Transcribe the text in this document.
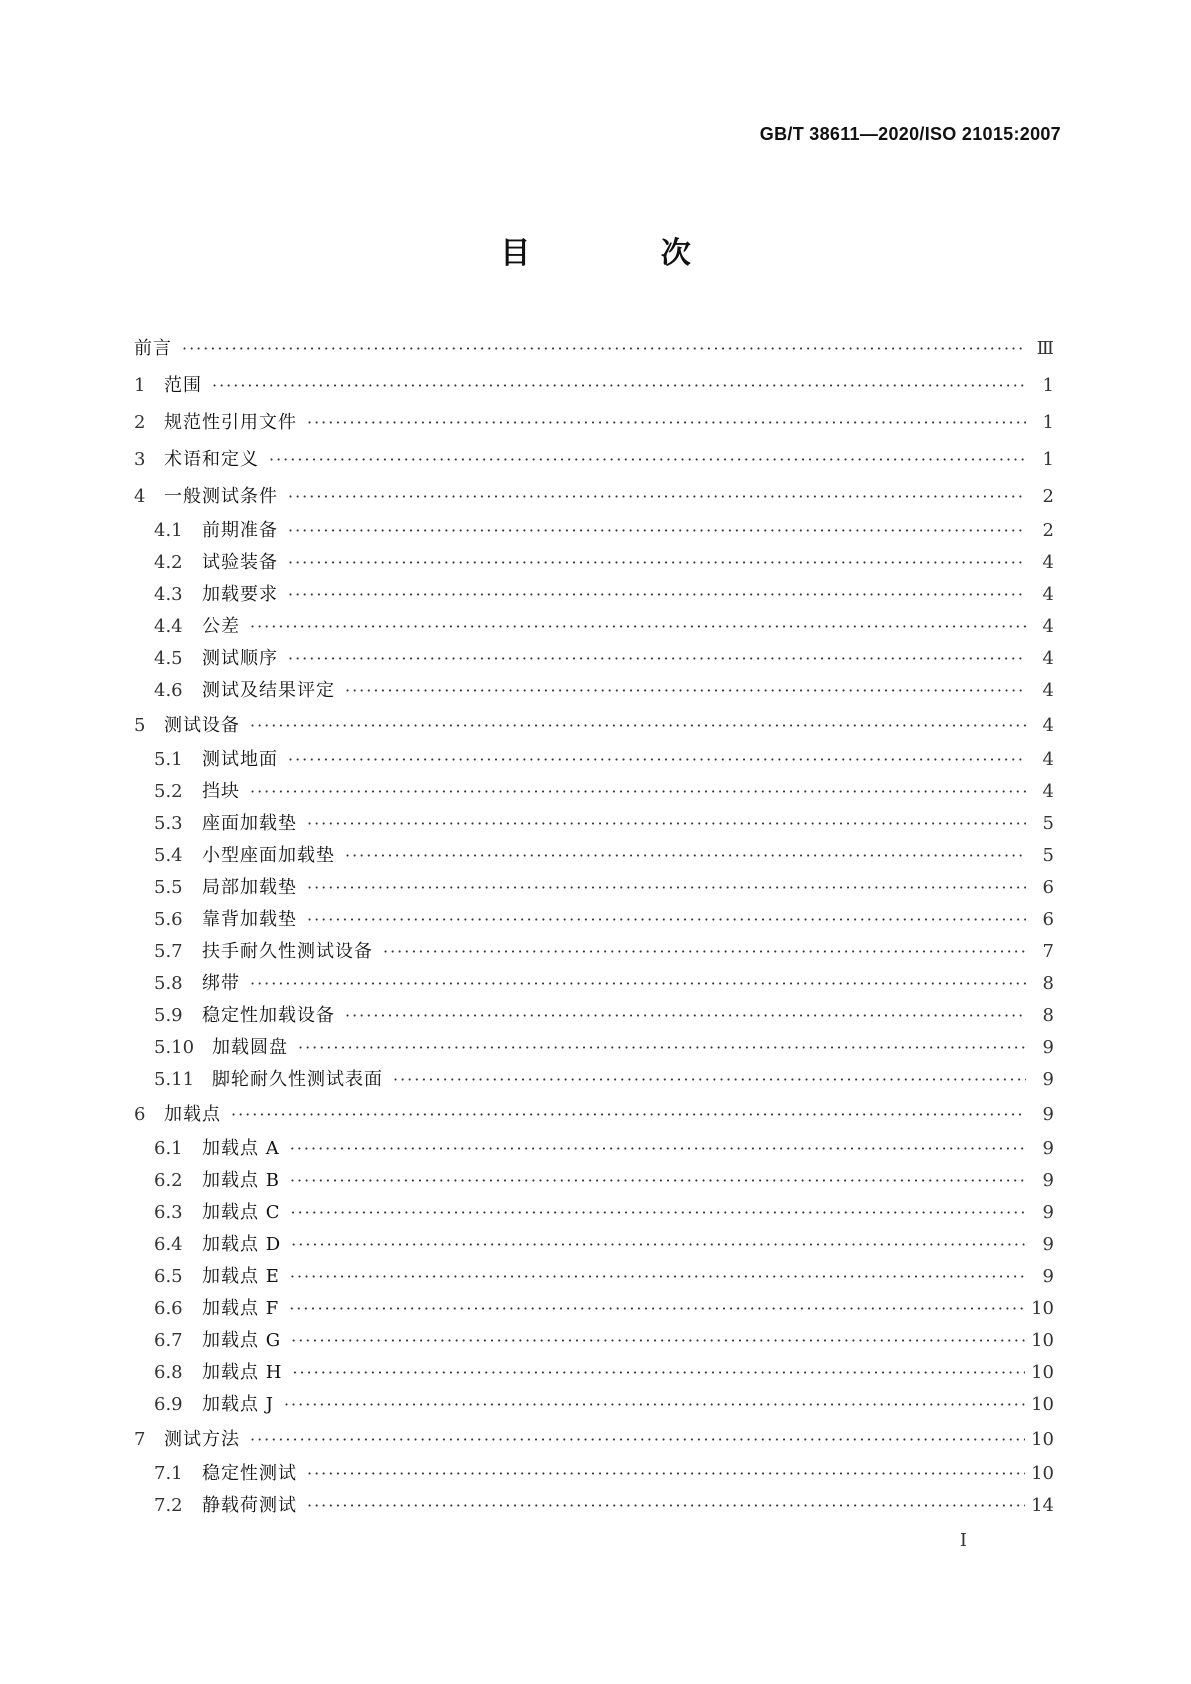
GB/T 38611—2020/ISO 21015:2007
目 次
前言 ·····	Ⅲ
1	范围 ·····	1
2	规范性引用文件 ·····	1
3	术语和定义 ·····	1
4	一般测试条件 ·····	2
4.1	前期准备 ·····	2
4.2	试验装备 ·····	4
4.3	加载要求 ·····	4
4.4	公差 ·····	4
4.5	测试顺序 ·····	4
4.6	测试及结果评定 ·····	4
5	测试设备 ·····	4
5.1	测试地面 ·····	4
5.2	挡块 ·····	4
5.3	座面加载垫 ·····	5
5.4	小型座面加载垫 ·····	5
5.5	局部加载垫 ·····	6
5.6	靠背加载垫 ·····	6
5.7	扶手耐久性测试设备 ·····	7
5.8	绑带 ·····	8
5.9	稳定性加载设备 ·····	8
5.10 加载圆盘 ·····	9
5.11 脚轮耐久性测试表面 ·····	9
6	加载点 ·····	9
6.1	加载点 A ·····	9
6.2	加载点 B ·····	9
6.3	加载点 C ·····	9
6.4	加载点 D ·····	9
6.5	加载点 E ·····	9
6.6	加载点 F ·····	10
6.7	加载点 G ·····	10
6.8	加载点 H ·····	10
6.9	加载点 J ·····	10
7	测试方法 ·····	10
7.1	稳定性测试 ·····	10
7.2	静载荷测试 ·····	14
I
